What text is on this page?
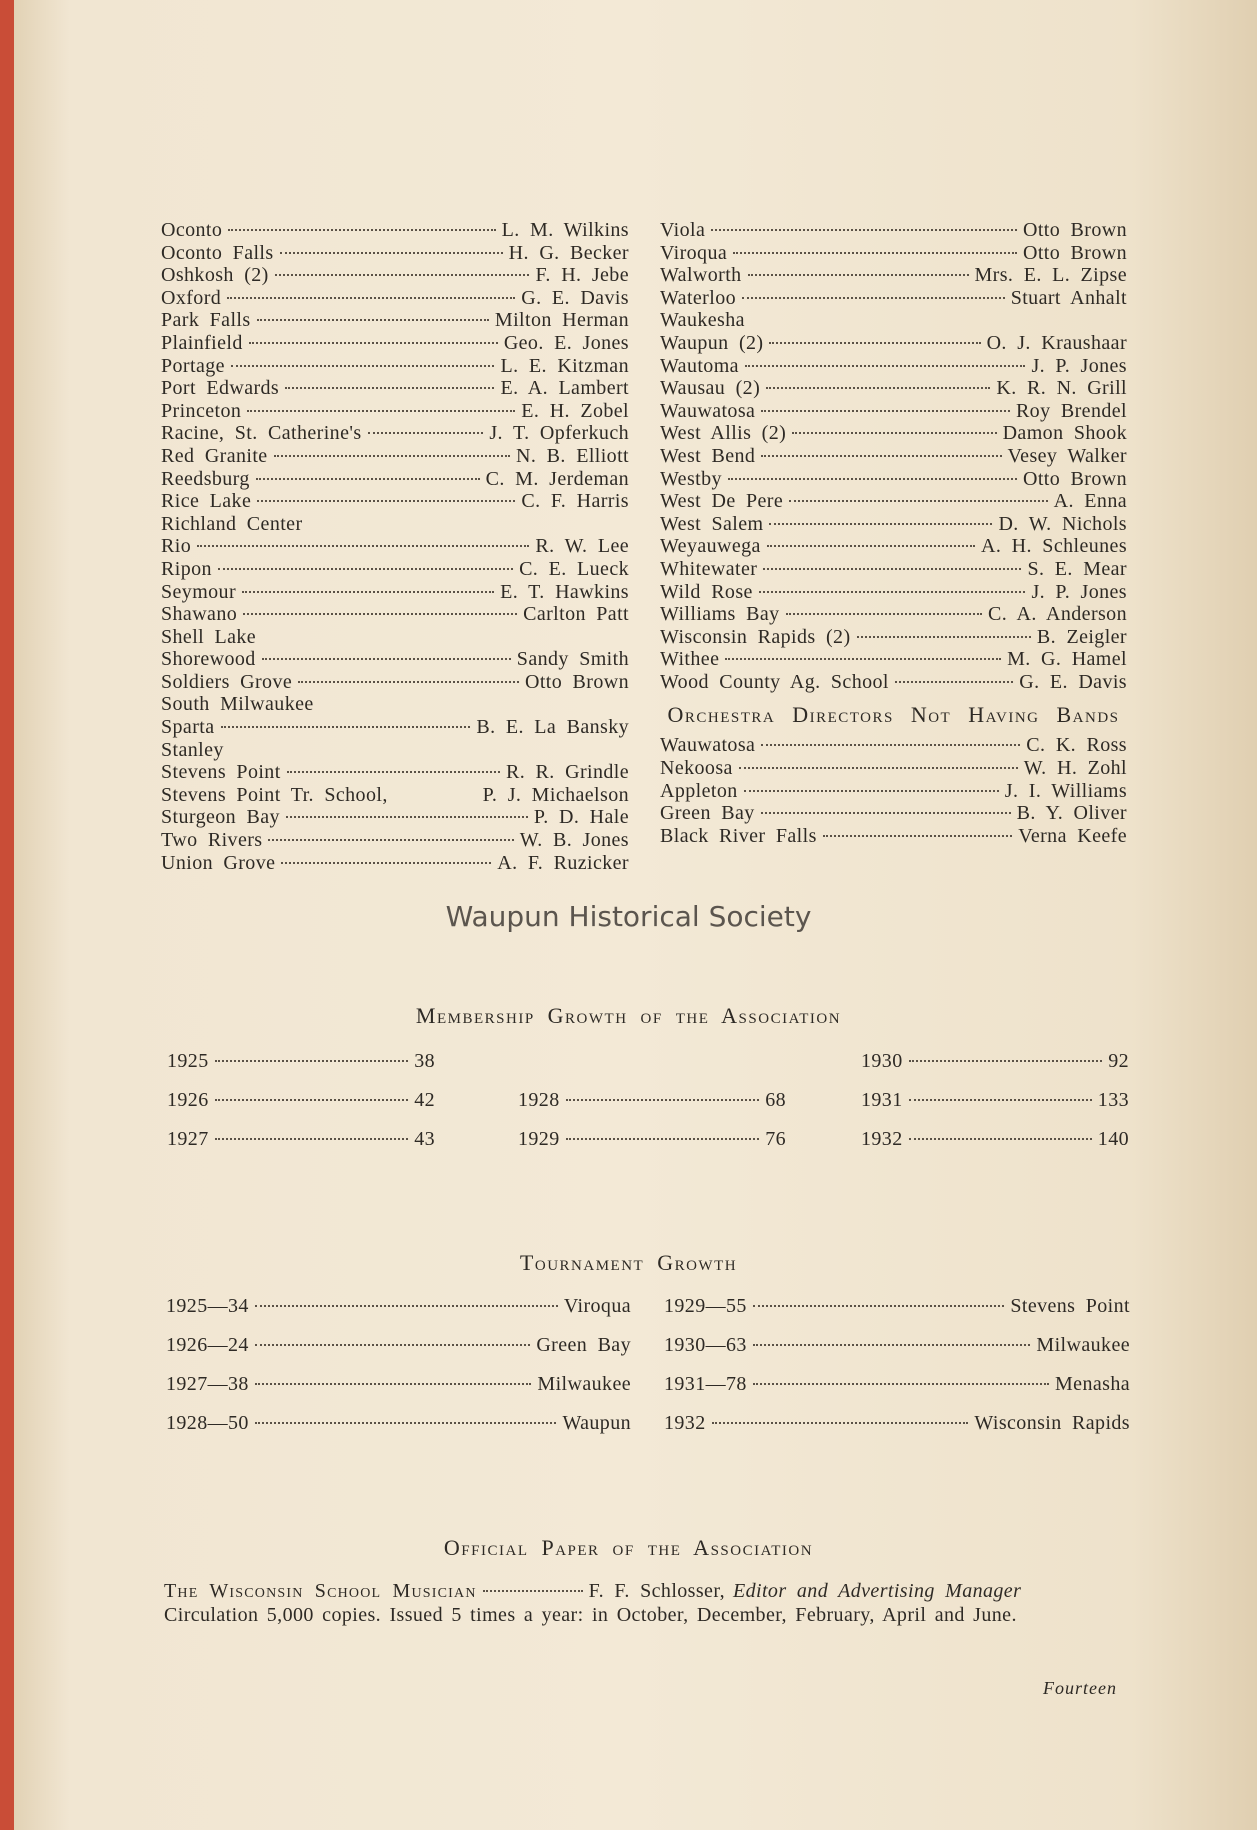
Oconto	L. M. Wilkins
Oconto Falls	H. G. Becker
Oshkosh (2)	F. H. Jebe
Oxford	G. E. Davis
Park Falls	Milton Herman
Plainfield	Geo. E. Jones
Portage	L. E. Kitzman
Port Edwards	E. A. Lambert
Princeton	E. H. Zobel
Racine, St. Catherine's	J. T. Opferkuch
Red Granite	N. B. Elliott
Reedsburg	C. M. Jerdeman
Rice Lake	C. F. Harris
Richland Center
Rio	R. W. Lee
Ripon	C. E. Lueck
Seymour	E. T. Hawkins
Shawano	Carlton Patt
Shell Lake
Shorewood	Sandy Smith
Soldiers Grove	Otto Brown
South Milwaukee
Sparta	B. E. La Bansky
Stanley
Stevens Point	R. R. Grindle
Stevens Point Tr. School,	P. J. Michaelson
Sturgeon Bay	P. D. Hale
Two Rivers	W. B. Jones
Union Grove	A. F. Ruzicker
Viola	Otto Brown
Viroqua	Otto Brown
Walworth	Mrs. E. L. Zipse
Waterloo	Stuart Anhalt
Waukesha
Waupun (2)	O. J. Kraushaar
Wautoma	J. P. Jones
Wausau (2)	K. R. N. Grill
Wauwatosa	Roy Brendel
West Allis (2)	Damon Shook
West Bend	Vesey Walker
Westby	Otto Brown
West De Pere	A. Enna
West Salem	D. W. Nichols
Weyauwega	A. H. Schleunes
Whitewater	S. E. Mear
Wild Rose	J. P. Jones
Williams Bay	C. A. Anderson
Wisconsin Rapids (2)	B. Zeigler
Withee	M. G. Hamel
Wood County Ag. School	G. E. Davis
Orchestra Directors Not Having Bands
Wauwatosa	C. K. Ross
Nekoosa	W. H. Zohl
Appleton	J. I. Williams
Green Bay	B. Y. Oliver
Black River Falls	Verna Keefe
Waupun Historical Society
Membership Growth of the Association
1925	38
1926	42
1927	43
1928	68
1929	76
1930	92
1931	133
1932	140
Tournament Growth
1925—34	Viroqua
1926—24	Green Bay
1927—38	Milwaukee
1928—50	Waupun
1929—55	Stevens Point
1930—63	Milwaukee
1931—78	Menasha
1932	Wisconsin Rapids
Official Paper of the Association
The Wisconsin School Musician	F. F. Schlosser, Editor and Advertising Manager
Circulation 5,000 copies. Issued 5 times a year: in October, December, February, April and June.
Fourteen
